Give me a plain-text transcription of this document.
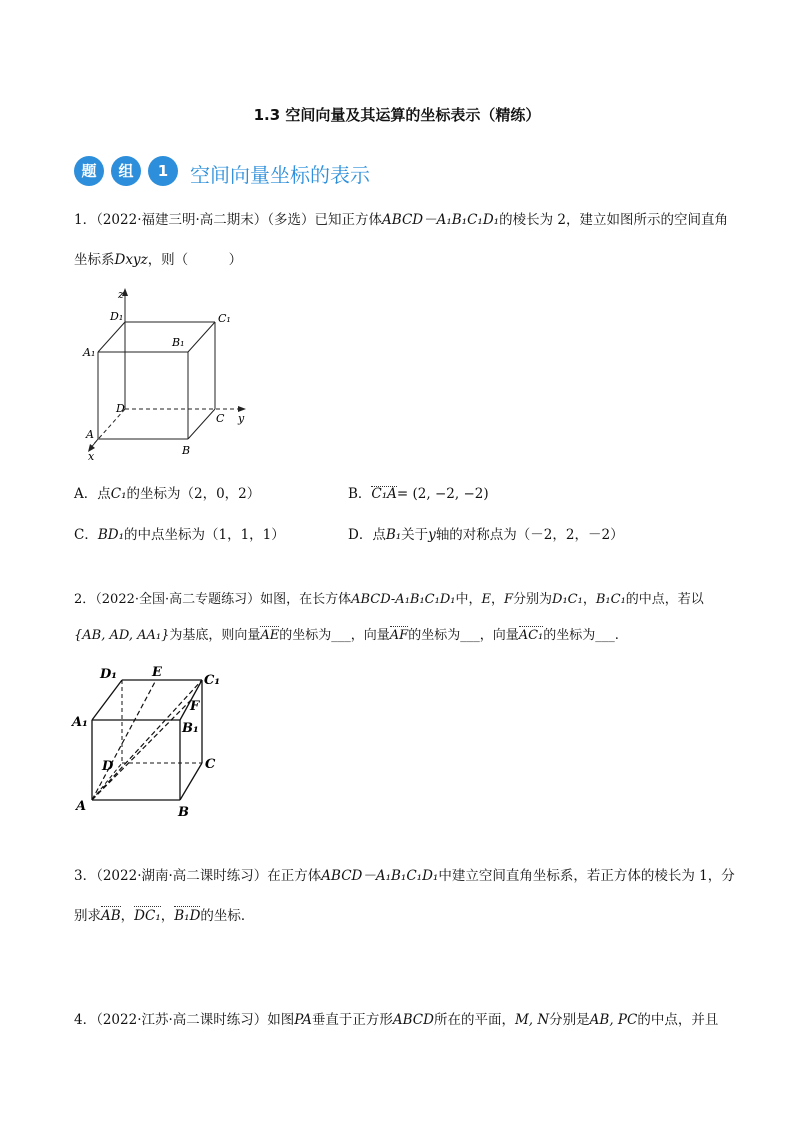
1.3 空间向量及其运算的坐标表示（精练）
题	组	1	空间向量坐标的表示
1．（2022·福建三明·高二期末）（多选）已知正方体ABCD－A₁B₁C₁D₁的棱长为 2，建立如图所示的空间直角
坐标系Dxyz，则（　　　）
z
y
x
D₁	C₁
A₁
B₁
D
C
A
B
A．点C₁的坐标为（2，0，2）	B．C₁A= (2, −2, −2)
C．BD₁的中点坐标为（1，1，1）	D．点B₁关于y轴的对称点为（－2，2，－2）
2．（2022·全国·高二专题练习）如图，在长方体ABCD-A₁B₁C₁D₁中，E，F分别为D₁C₁，B₁C₁的中点，若以
{AB, AD, AA₁}为基底，则向量AE的坐标为___，向量AF的坐标为___，向量AC₁的坐标为___.
D₁	E
C₁
F
A₁	B₁
D	C
A	B
3．（2022·湖南·高二课时练习）在正方体ABCD－A₁B₁C₁D₁中建立空间直角坐标系，若正方体的棱长为 1，分
别求AB，DC₁，B₁D的坐标．
4．（2022·江苏·高二课时练习）如图PA垂直于正方形ABCD所在的平面，M, N分别是AB, PC的中点，并且
